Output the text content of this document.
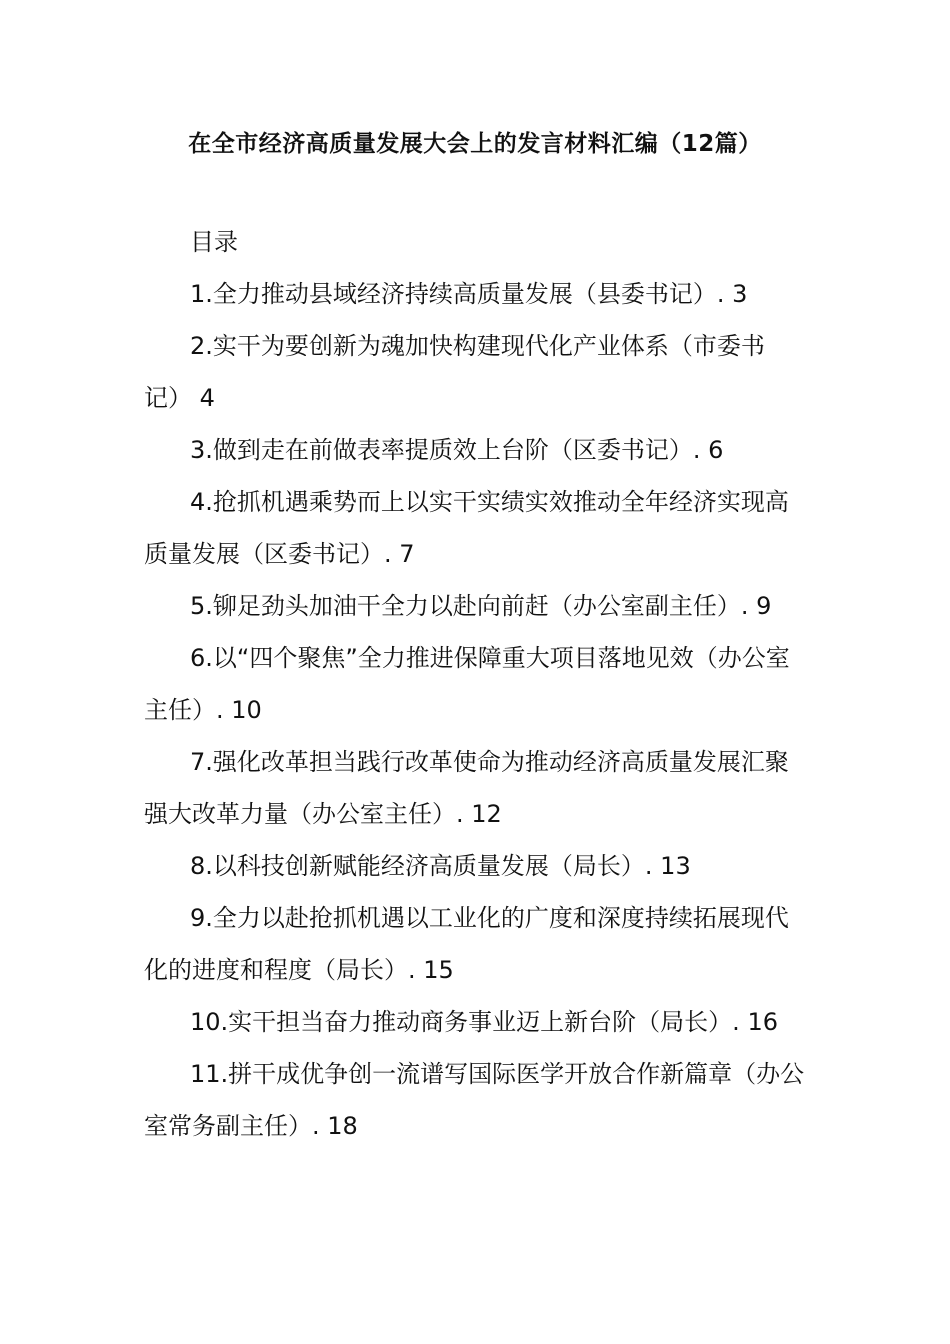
在全市经济高质量发展大会上的发言材料汇编（12篇）

目录

1.全力推动县域经济持续高质量发展（县委书记）. 3

2.实干为要创新为魂加快构建现代化产业体系（市委书记） 4

3.做到走在前做表率提质效上台阶（区委书记）. 6

4.抢抓机遇乘势而上以实干实绩实效推动全年经济实现高质量发展（区委书记）. 7

5.铆足劲头加油干全力以赴向前赶（办公室副主任）. 9

6.以“四个聚焦”全力推进保障重大项目落地见效（办公室主任）. 10

7.强化改革担当践行改革使命为推动经济高质量发展汇聚强大改革力量（办公室主任）. 12

8.以科技创新赋能经济高质量发展（局长）. 13

9.全力以赴抢抓机遇以工业化的广度和深度持续拓展现代化的进度和程度（局长）. 15

10.实干担当奋力推动商务事业迈上新台阶（局长）. 16

11.拼干成优争创一流谱写国际医学开放合作新篇章（办公室常务副主任）. 18
